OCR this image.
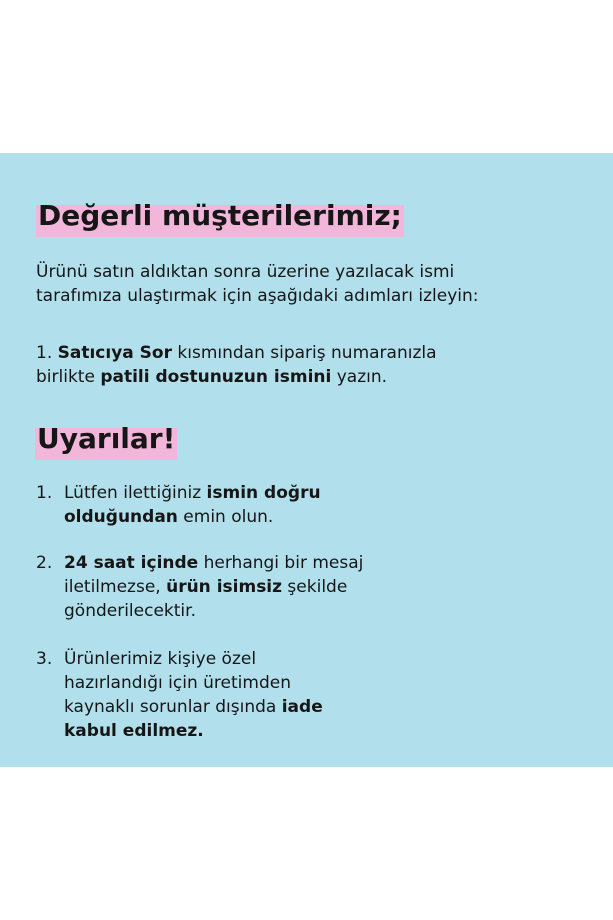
Değerli müşterilerimiz;

Ürünü satın aldıktan sonra üzerine yazılacak ismi
tarafımıza ulaştırmak için aşağıdaki adımları izleyin:

1. Satıcıya Sor kısmından sipariş numaranızla
birlikte patili dostunuzun ismini yazın.

Uyarılar!
1. Lütfen ilettiğiniz ismin doğru
olduğundan emin olun.
2. 24 saat içinde herhangi bir mesaj
iletilmezse, ürün isimsiz şekilde
gönderilecektir.
3. Ürünlerimiz kişiye özel
hazırlandığı için üretimden
kaynaklı sorunlar dışında iade
kabul edilmez.
